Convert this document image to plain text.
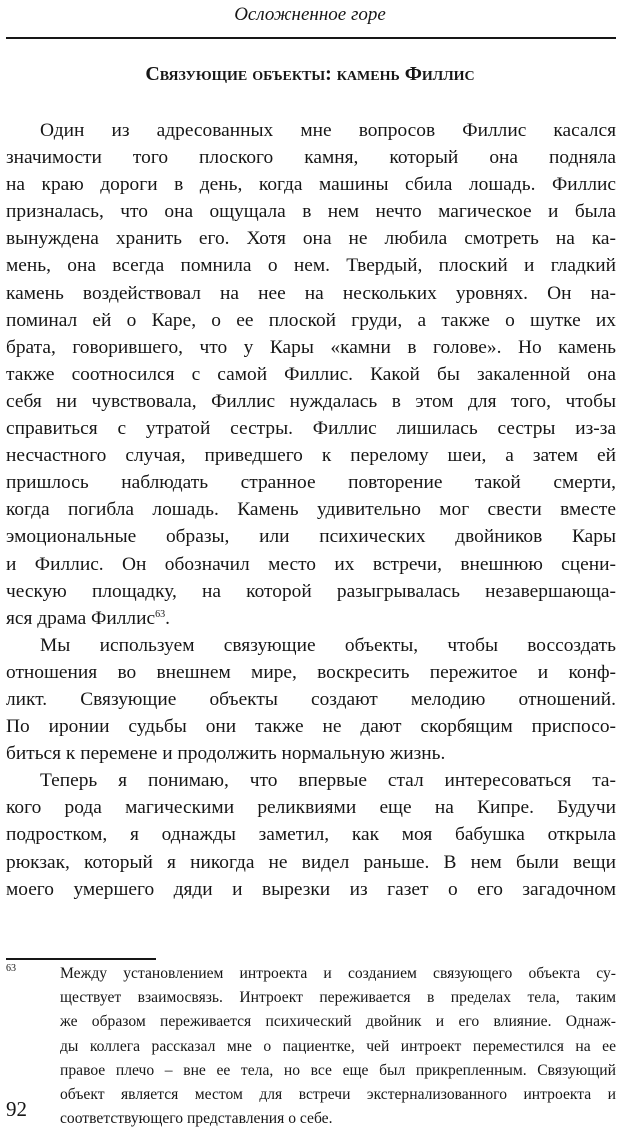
Осложненное горе
Связующие объекты: камень Филлис
Один из адресованных мне вопросов Филлис касался
значимости того плоского камня, который она подняла
на краю дороги в день, когда машины сбила лошадь. Филлис
призналась, что она ощущала в нем нечто магическое и была
вынуждена хранить его. Хотя она не любила смотреть на ка-
мень, она всегда помнила о нем. Твердый, плоский и гладкий
камень воздействовал на нее на нескольких уровнях. Он на-
поминал ей о Каре, о ее плоской груди, а также о шутке их
брата, говорившего, что у Кары «камни в голове». Но камень
также соотносился с самой Филлис. Какой бы закаленной она
себя ни чувствовала, Филлис нуждалась в этом для того, чтобы
справиться с утратой сестры. Филлис лишилась сестры из-за
несчастного случая, приведшего к перелому шеи, а затем ей
пришлось наблюдать странное повторение такой смерти,
когда погибла лошадь. Камень удивительно мог свести вместе
эмоциональные образы, или психических двойников Кары
и Филлис. Он обозначил место их встречи, внешнюю сцени-
ческую площадку, на которой разыгрывалась незавершающа-
яся драма Филлис$^{63}$.
Мы используем связующие объекты, чтобы воссоздать
отношения во внешнем мире, воскресить пережитое и конф-
ликт. Связующие объекты создают мелодию отношений.
По иронии судьбы они также не дают скорбящим приспосо-
биться к перемене и продолжить нормальную жизнь.
Теперь я понимаю, что впервые стал интересоваться та-
кого рода магическими реликвиями еще на Кипре. Будучи
подростком, я однажды заметил, как моя бабушка открыла
рюкзак, который я никогда не видел раньше. В нем были вещи
моего умершего дяди и вырезки из газет о его загадочном
63	Между установлением интроекта и созданием связующего объекта су-
ществует взаимосвязь. Интроект переживается в пределах тела, таким
же образом переживается психический двойник и его влияние. Однаж-
ды коллега рассказал мне о пациентке, чей интроект переместился на ее
правое плечо – вне ее тела, но все еще был прикрепленным. Связующий
объект является местом для встречи экстернализованного интроекта и
соответствующего представления о себе.
92
